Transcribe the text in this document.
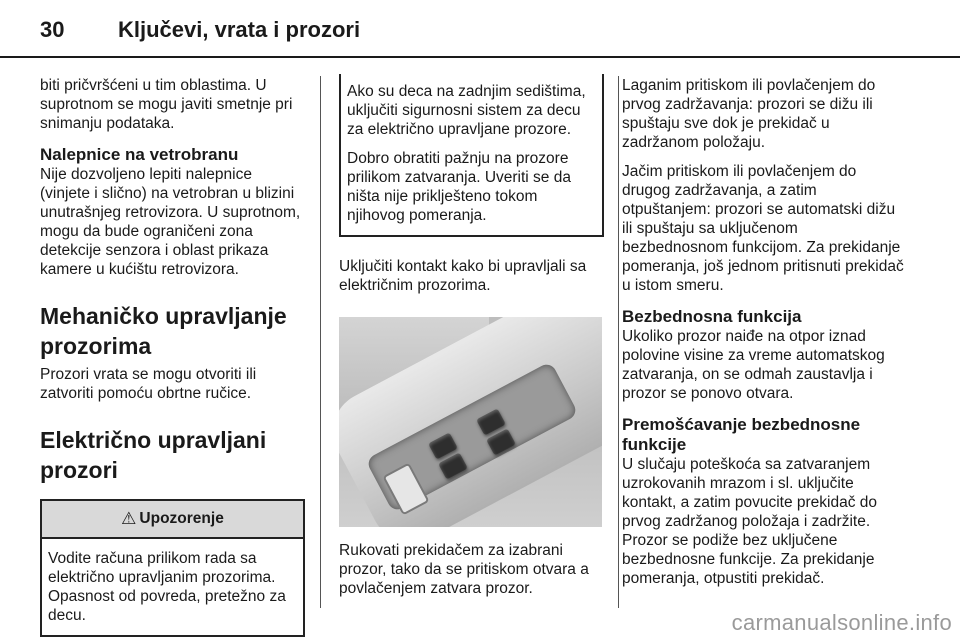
30 Ključevi, vrata i prozori

biti pričvršćeni u tim oblastima. U suprotnom se mogu javiti smetnje pri snimanju podataka.

Nalepnice na vetrobranu

Nije dozvoljeno lepiti nalepnice (vinjete i slično) na vetrobran u blizini unutrašnjeg retrovizora. U suprotnom, mogu da bude ograničeni zona detekcije senzora i oblast prikaza kamere u kućištu retrovizora.

Mehaničko upravljanje prozorima

Prozori vrata se mogu otvoriti ili zatvoriti pomoću obrtne ručice.

Električno upravljani prozori
⚠ Upozorenje

Vodite računa prilikom rada sa električno upravljanim prozorima. Opasnost od povreda, pretežno za decu.

Ako su deca na zadnjim sedištima, uključiti sigurnosni sistem za decu za električno upravljane prozore.

Dobro obratiti pažnju na prozore prilikom zatvaranja. Uveriti se da ništa nije priklješteno tokom njihovog pomeranja.

Uključiti kontakt kako bi upravljali sa električnim prozorima.

Rukovati prekidačem za izabrani prozor, tako da se pritiskom otvara a povlačenjem zatvara prozor.

Laganim pritiskom ili povlačenjem do prvog zadržavanja: prozori se dižu ili spuštaju sve dok je prekidač u zadržanom položaju.

Jačim pritiskom ili povlačenjem do drugog zadržavanja, a zatim otpuštanjem: prozori se automatski dižu ili spuštaju sa uključenom bezbednosnom funkcijom. Za prekidanje pomeranja, još jednom pritisnuti prekidač u istom smeru.

Bezbednosna funkcija

Ukoliko prozor naiđe na otpor iznad polovine visine za vreme automatskog zatvaranja, on se odmah zaustavlja i prozor se ponovo otvara.

Premošćavanje bezbednosne funkcije

U slučaju poteškoća sa zatvaranjem uzrokovanih mrazom i sl. uključite kontakt, a zatim povucite prekidač do prvog zadržanog položaja i zadržite. Prozor se podiže bez uključene bezbednosne funkcije. Za prekidanje pomeranja, otpustiti prekidač.

carmanualsonline.info
